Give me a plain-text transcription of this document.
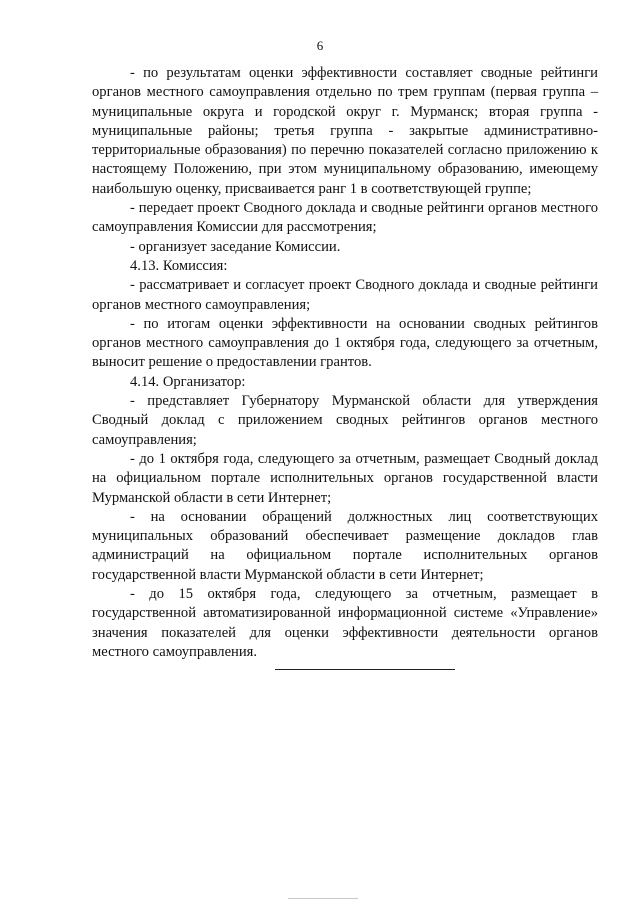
6

- по результатам оценки эффективности составляет сводные рейтинги органов местного самоуправления отдельно по трем группам (первая группа – муниципальные округа и городской округ г. Мурманск; вторая группа - муниципальные районы; третья группа - закрытые административно-территориальные образования) по перечню показателей согласно приложению к настоящему Положению, при этом муниципальному образованию, имеющему наибольшую оценку, присваивается ранг 1 в соответствующей группе;

- передает проект Сводного доклада и сводные рейтинги органов местного самоуправления Комиссии для рассмотрения;

- организует заседание Комиссии.

4.13. Комиссия:

- рассматривает и согласует проект Сводного доклада и сводные рейтинги органов местного самоуправления;

- по итогам оценки эффективности на основании сводных рейтингов органов местного самоуправления до 1 октября года, следующего за отчетным, выносит решение о предоставлении грантов.

4.14. Организатор:

- представляет Губернатору Мурманской области для утверждения Сводный доклад с приложением сводных рейтингов органов местного самоуправления;

- до 1 октября года, следующего за отчетным, размещает Сводный доклад на официальном портале исполнительных органов государственной власти Мурманской области в сети Интернет;

- на основании обращений должностных лиц соответствующих муниципальных образований обеспечивает размещение докладов глав администраций на официальном портале исполнительных органов государственной власти Мурманской области в сети Интернет;

- до 15 октября года, следующего за отчетным, размещает в государственной автоматизированной информационной системе «Управление» значения показателей для оценки эффективности деятельности органов местного самоуправления.
